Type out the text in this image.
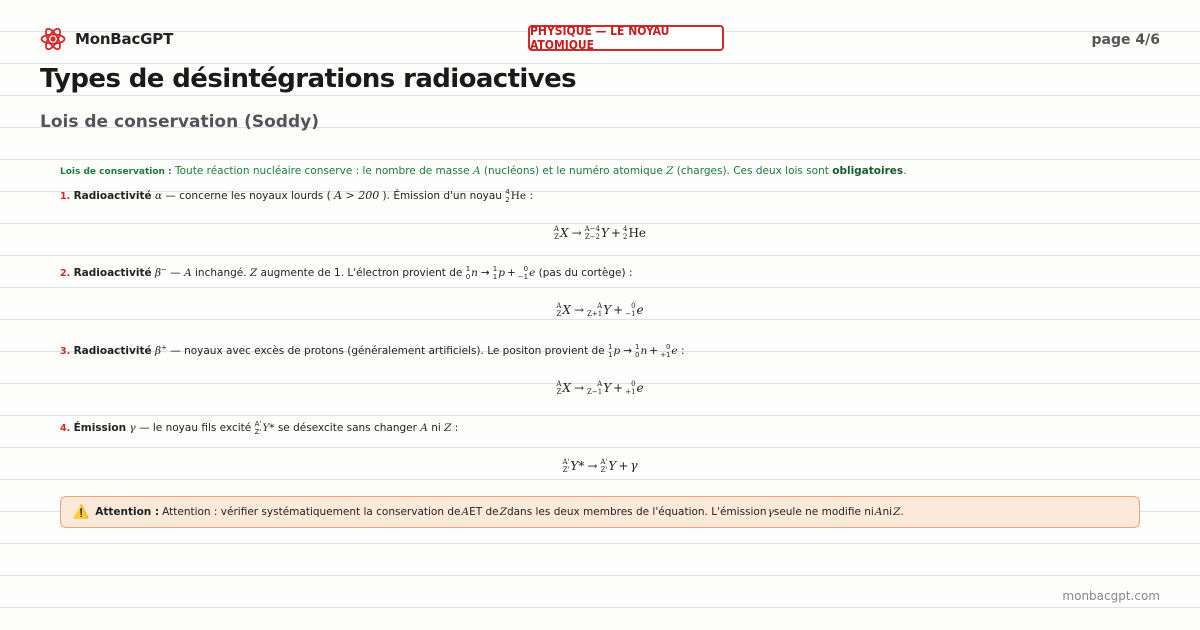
MonBacGPT	PHYSIQUE — LE NOYAU ATOMIQUE	page 4/6
Types de désintégrations radioactives
Lois de conservation (Soddy)
Lois de conservation : Toute réaction nucléaire conserve : le nombre de masse A (nucléons) et le numéro atomique Z (charges). Ces deux lois sont obligatoires.
1. Radioactivité α — concerne les noyaux lourds ( A > 200 ). Émission d'un noyau 4
2 He :
A
Z X → A−4
Z−2 Y + 4
2 He
2. Radioactivité β− — A inchangé. Z augmente de 1. L'électron provient de 1
0 n → 1
1 p + 0
−1 e (pas du cortège) :
A
Z X → A
Z+1 Y + 0
−1 e
3. Radioactivité β+ — noyaux avec excès de protons (généralement artificiels). Le positon provient de 1
1 p → 1
0 n + 0
+1 e :
A
Z X → A
Z−1 Y + 0
+1 e
4. Émission γ — le noyau fils excité A'
Z' Y* se désexcite sans changer A ni Z :
A'
Z' Y* → A'
Z' Y + γ
⚠️ Attention : Attention : vérifier systématiquement la conservation de
  A ET de
  Z dans les deux membres de l'équation. L'émission
  γ seule ne modifie ni
  A ni
  Z .
monbacgpt.com
